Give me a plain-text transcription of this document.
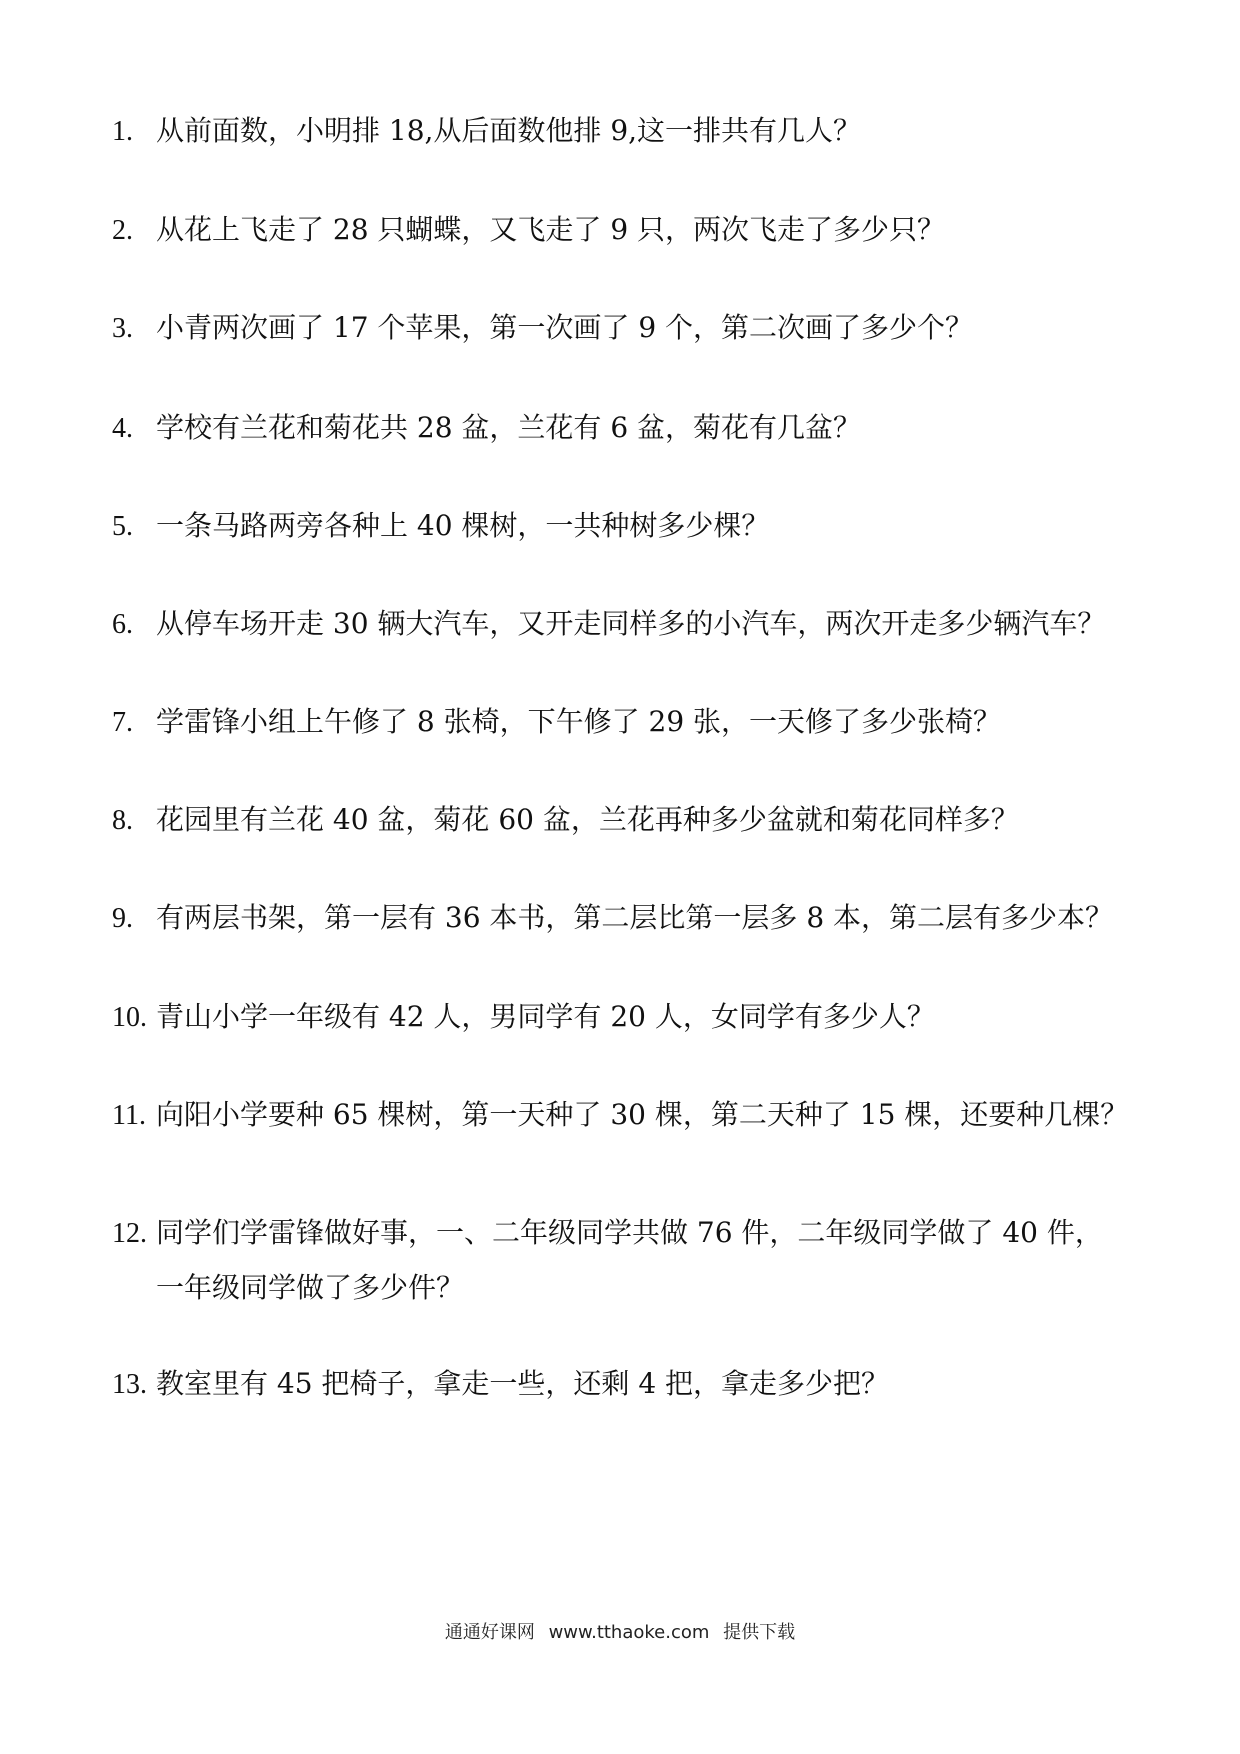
1. 从前面数，小明排 18,从后面数他排 9,这一排共有几人？
2. 从花上飞走了 28 只蝴蝶，又飞走了 9 只，两次飞走了多少只？
3. 小青两次画了 17 个苹果，第一次画了 9 个，第二次画了多少个？
4. 学校有兰花和菊花共 28 盆，兰花有 6 盆，菊花有几盆？
5. 一条马路两旁各种上 40 棵树，一共种树多少棵？
6. 从停车场开走 30 辆大汽车，又开走同样多的小汽车，两次开走多少辆汽车？
7. 学雷锋小组上午修了 8 张椅，下午修了 29 张，一天修了多少张椅？
8. 花园里有兰花 40 盆，菊花 60 盆，兰花再种多少盆就和菊花同样多？
9. 有两层书架，第一层有 36 本书，第二层比第一层多 8 本，第二层有多少本？
10. 青山小学一年级有 42 人，男同学有 20 人，女同学有多少人？
11. 向阳小学要种 65 棵树，第一天种了 30 棵，第二天种了 15 棵，还要种几棵？
12. 同学们学雷锋做好事，一、二年级同学共做 76 件，二年级同学做了 40 件，
一年级同学做了多少件？
13. 教室里有 45 把椅子，拿走一些，还剩 4 把，拿走多少把？
通通好课网 www.tthaoke.com 提供下载
